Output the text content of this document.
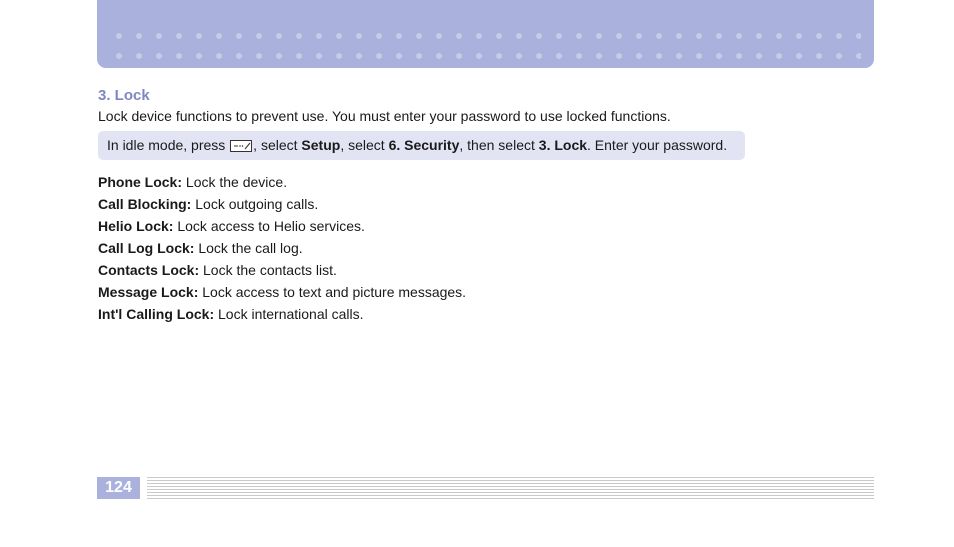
3. Lock

Lock device functions to prevent use. You must enter your password to use locked functions.

In idle mode, press , select Setup, select 6. Security, then select 3. Lock. Enter your password.
Phone Lock: Lock the device.
Call Blocking: Lock outgoing calls.
Helio Lock: Lock access to Helio services.
Call Log Lock: Lock the call log.
Contacts Lock: Lock the contacts list.
Message Lock: Lock access to text and picture messages.
Int'l Calling Lock: Lock international calls.
124
